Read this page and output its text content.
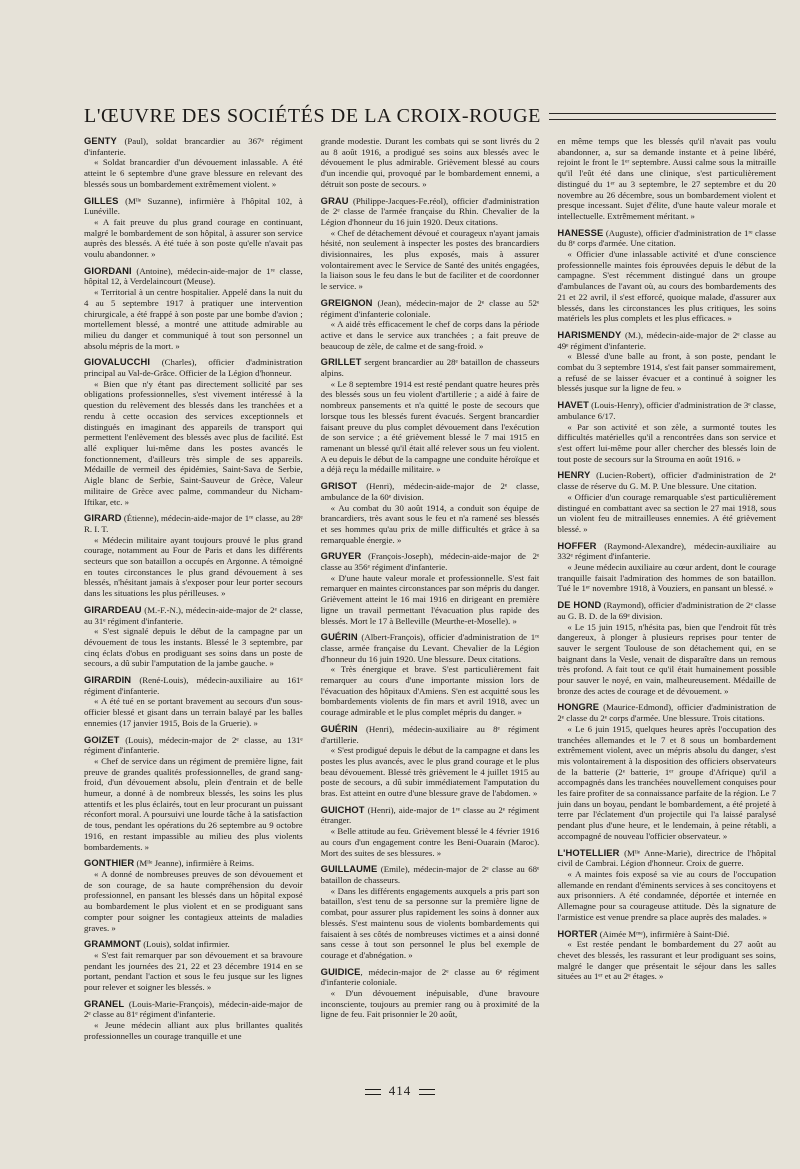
L'ŒUVRE DES SOCIÉTÉS DE LA CROIX-ROUGE

GENTY (Paul), soldat brancardier au 367ᵉ régiment d'infanterie.

« Soldat brancardier d'un dévouement inlassable. A été atteint le 6 septembre d'une grave blessure en relevant des blessés sous un bombardement extrêmement violent. »

GILLES (Mˡˡᵉ Suzanne), infirmière à l'hôpital 102, à Lunéville.

« A fait preuve du plus grand courage en continuant, malgré le bombardement de son hôpital, à assurer son service auprès des blessés. A été tuée à son poste qu'elle n'avait pas voulu abandonner. »

GIORDANI (Antoine), médecin-aide-major de 1ʳᵉ classe, hôpital 12, à Verdelaincourt (Meuse).

« Territorial à un centre hospitalier. Appelé dans la nuit du 4 au 5 septembre 1917 à pratiquer une intervention chirurgicale, a été frappé à son poste par une bombe d'avion ; mortellement blessé, a montré une attitude admirable au milieu du danger et communiqué à tout son personnel un absolu mépris de la mort. »

GIOVALUCCHI (Charles), officier d'administration principal au Val-de-Grâce. Officier de la Légion d'honneur.

« Bien que n'y étant pas directement sollicité par ses obligations professionnelles, s'est vivement intéressé à la question du relèvement des blessés dans les tranchées et a rendu à cette occasion des services exceptionnels et distingués en imaginant des appareils de transport qui permettent l'enlèvement des blessés avec plus de facilité. Est allé expliquer lui-même dans les postes avancés le fonctionnement, d'ailleurs très simple de ses appareils. Médaille de vermeil des épidémies, Saint-Sava de Serbie, Aigle blanc de Serbie, Saint-Sauveur de Grèce, Valeur militaire de Grèce avec palme, commandeur du Nicham-Iftikar, etc. »

GIRARD (Étienne), médecin-aide-major de 1ʳᵉ classe, au 28ᵉ R. I. T.

« Médecin militaire ayant toujours prouvé le plus grand courage, notamment au Four de Paris et dans les différents secteurs que son bataillon a occupés en Argonne. A témoigné en toutes circonstances le plus grand dévouement à ses blessés, n'hésitant jamais à s'exposer pour leur porter secours dans les situations les plus périlleuses. »

GIRARDEAU (M.-F.-N.), médecin-aide-major de 2ᵉ classe, au 31ᵉ régiment d'infanterie.

« S'est signalé depuis le début de la campagne par un dévouement de tous les instants. Blessé le 3 septembre, par cinq éclats d'obus en prodiguant ses soins dans un poste de secours, a dû subir l'amputation de la jambe gauche. »

GIRARDIN (René-Louis), médecin-auxiliaire au 161ᵉ régiment d'infanterie.

« A été tué en se portant bravement au secours d'un sous-officier blessé et gisant dans un terrain balayé par les balles ennemies (17 janvier 1915, Bois de la Gruerie). »

GOIZET (Louis), médecin-major de 2ᵉ classe, au 131ᵉ régiment d'infanterie.

« Chef de service dans un régiment de première ligne, fait preuve de grandes qualités professionnelles, de grand sang-froid, d'un dévouement absolu, plein d'entrain et de belle humeur, a donné à de nombreux blessés, les soins les plus attentifs et les plus éclairés, tout en leur procurant un puissant réconfort moral. A poursuivi une lourde tâche à la satisfaction de tous, pendant les opérations du 26 septembre au 9 octobre 1916, en restant impassible au milieu des plus violents bombardements. »

GONTHIER (Mˡˡᵉ Jeanne), infirmière à Reims.

« A donné de nombreuses preuves de son dévouement et de son courage, de sa haute compréhension du devoir professionnel, en pansant les blessés dans un hôpital exposé au bombardement le plus violent et en se prodiguant sans compter pour soigner les contagieux atteints de maladies graves. »

GRAMMONT (Louis), soldat infirmier.

« S'est fait remarquer par son dévouement et sa bravoure pendant les journées des 21, 22 et 23 décembre 1914 en se portant, pendant l'action et sous le feu jusque sur les lignes pour relever et soigner les blessés. »

GRANEL (Louis-Marie-François), médecin-aide-major de 2ᵉ classe au 81ᵉ régiment d'infanterie.

« Jeune médecin alliant aux plus brillantes qualités professionnelles un courage tranquille et une

grande modestie. Durant les combats qui se sont livrés du 2 au 8 août 1916, a prodigué ses soins aux blessés avec le dévouement le plus admirable. Grièvement blessé au cours d'un incendie qui, provoqué par le bombardement ennemi, a détruit son poste de secours. »

GRAU (Philippe-Jacques-Fe.réol), officier d'administration de 2ᵉ classe de l'armée française du Rhin. Chevalier de la Légion d'honneur du 16 juin 1920. Deux citations.

« Chef de détachement dévoué et courageux n'ayant jamais hésité, non seulement à inspecter les postes des brancardiers divisionnaires, les plus exposés, mais à assurer volontairement avec le Service de Santé des unités engagées, la liaison sous le feu dans le but de faciliter et de coordonner le service. »

GREIGNON (Jean), médecin-major de 2ᵉ classe au 52ᵉ régiment d'infanterie coloniale.

« A aidé très efficacement le chef de corps dans la période active et dans le service aux tranchées ; a fait preuve de beaucoup de zèle, de calme et de sang-froid. »

GRILLET sergent brancardier au 28ᵉ bataillon de chasseurs alpins.

« Le 8 septembre 1914 est resté pendant quatre heures près des blessés sous un feu violent d'artillerie ; a aidé à faire de nombreux pansements et n'a quitté le poste de secours que lorsque tous les blessés furent évacués. Sergent brancardier faisant preuve du plus complet dévouement dans l'exécution de son service ; a été grièvement blessé le 7 mai 1915 en ramenant un blessé qu'il était allé relever sous un feu violent. A eu depuis le début de la campagne une conduite héroïque et a déjà reçu la médaille militaire. »

GRISOT (Henri), médecin-aide-major de 2ᵉ classe, ambulance de la 60ᵉ division.

« Au combat du 30 août 1914, a conduit son équipe de brancardiers, très avant sous le feu et n'a ramené ses blessés et ses hommes qu'au prix de mille difficultés et grâce à sa remarquable énergie. »

GRUYER (François-Joseph), médecin-aide-major de 2ᵉ classe au 356ᵉ régiment d'infanterie.

« D'une haute valeur morale et professionnelle. S'est fait remarquer en maintes circonstances par son mépris du danger. Grièvement atteint le 16 mai 1916 en dirigeant en première ligne un travail permettant l'évacuation plus rapide des blessés. Mort le 17 à Belleville (Meurthe-et-Moselle). »

GUÉRIN (Albert-François), officier d'administration de 1ʳᵉ classe, armée française du Levant. Chevalier de la Légion d'honneur du 16 juin 1920. Une blessure. Deux citations.

« Très énergique et brave. S'est particulièrement fait remarquer au cours d'une importante mission lors de l'évacuation des hôpitaux d'Amiens. S'en est acquitté sous les bombardements violents de fin mars et avril 1918, avec un courage admirable et le plus complet mépris du danger. »

GUÉRIN (Henri), médecin-auxiliaire au 8ᵉ régiment d'artillerie.

« S'est prodigué depuis le début de la campagne et dans les postes les plus avancés, avec le plus grand courage et le plus beau dévouement. Blessé très grièvement le 4 juillet 1915 au poste de secours, a dû subir immédiatement l'amputation du bras. Est atteint en outre d'une blessure grave de l'abdomen. »

GUICHOT (Henri), aide-major de 1ʳᵉ classe au 2ᵉ régiment étranger.

« Belle attitude au feu. Grièvement blessé le 4 février 1916 au cours d'un engagement contre les Beni-Ouarain (Maroc). Mort des suites de ses blessures. »

GUILLAUME (Emile), médecin-major de 2ᵉ classe au 68ᵉ bataillon de chasseurs.

« Dans les différents engagements auxquels a pris part son bataillon, s'est tenu de sa personne sur la première ligne de combat, pour assurer plus rapidement les soins à donner aux blessés. S'est maintenu sous de violents bombardements qui faisaient à ses côtés de nombreuses victimes et a ainsi donné sans cesse à tout son personnel le plus bel exemple de courage et d'abnégation. »

GUIDICE, médecin-major de 2ᵉ classe au 6ᵉ régiment d'infanterie coloniale.

« D'un dévouement inépuisable, d'une bravoure inconsciente, toujours au premier rang ou à proximité de la ligne de feu. Fait prisonnier le 20 août,

en même temps que les blessés qu'il n'avait pas voulu abandonner, a, sur sa demande instante et à peine libéré, rejoint le front le 1ᵉʳ septembre. Aussi calme sous la mitraille qu'il l'eût été dans une clinique, s'est particulièrement distingué du 1ᵉʳ au 3 septembre, le 27 septembre et du 20 novembre au 26 décembre, sous un bombardement violent et presque incessant. Sujet d'élite, d'une haute valeur morale et intellectuelle. Extrêmement méritant. »

HANESSE (Auguste), officier d'administration de 1ʳᵉ classe du 8ᵉ corps d'armée. Une citation.

« Officier d'une inlassable activité et d'une conscience professionnelle maintes fois éprouvées depuis le début de la campagne. S'est récemment distingué dans un groupe d'ambulances de l'avant où, au cours des bombardements des 21 et 22 avril, il s'est efforcé, quoique malade, d'assurer aux blessés, dans les circonstances les plus critiques, les soins matériels les plus complets et les plus efficaces. »

HARISMENDY (M.), médecin-aide-major de 2ᵉ classe au 49ᵉ régiment d'infanterie.

« Blessé d'une balle au front, à son poste, pendant le combat du 3 septembre 1914, s'est fait panser sommairement, a refusé de se laisser évacuer et a continué à soigner les blessés jusque sur la ligne de feu. »

HAVET (Louis-Henry), officier d'administration de 3ᵉ classe, ambulance 6/17.

« Par son activité et son zèle, a surmonté toutes les difficultés matérielles qu'il a rencontrées dans son service et s'est offert lui-même pour aller chercher des blessés loin de tout poste de secours sur la Strouma en août 1916. »

HENRY (Lucien-Robert), officier d'administration de 2ᵉ classe de réserve du G. M. P. Une blessure. Une citation.

« Officier d'un courage remarquable s'est particulièrement distingué en combattant avec sa section le 27 mai 1918, sous un violent feu de mitrailleuses ennemies. A été grièvement blessé. »

HOFFER (Raymond-Alexandre), médecin-auxiliaire au 332ᵉ régiment d'infanterie.

« Jeune médecin auxiliaire au cœur ardent, dont le courage tranquille faisait l'admiration des hommes de son bataillon. Tué le 1ᵉʳ novembre 1918, à Vouziers, en pansant un blessé. »

DE HOND (Raymond), officier d'administration de 2ᵉ classe au G. B. D. de la 69ᵉ division.

« Le 15 juin 1915, n'hésita pas, bien que l'endroit fût très dangereux, à plonger à plusieurs reprises pour tenter de sauver le sergent Toulouse de son détachement qui, en se baignant dans la Vesle, venait de disparaître dans un remous très profond. A fait tout ce qu'il était humainement possible pour sauver le noyé, en vain, malheureusement. Médaille de bronze des actes de courage et de dévouement. »

HONGRE (Maurice-Edmond), officier d'administration de 2ᵉ classe du 2ᵉ corps d'armée. Une blessure. Trois citations.

« Le 6 juin 1915, quelques heures après l'occupation des tranchées allemandes et le 7 et 8 sous un bombardement extrêmement violent, avec un mépris absolu du danger, s'est mis volontairement à la disposition des officiers observateurs de la batterie (2ᵉ batterie, 1ᵉʳ groupe d'Afrique) qu'il a accompagnés dans les tranchées nouvellement conquises pour les faire profiter de sa connaissance parfaite de la région. Le 7 juin dans un boyau, pendant le bombardement, a été projeté à terre par l'éclatement d'un projectile qui l'a laissé paralysé pendant plus d'une heure, et le lendemain, à peine rétabli, a accompagné de nouveau l'officier observateur. »

L'HOTELLIER (Mˡˡᵉ Anne-Marie), directrice de l'hôpital civil de Cambrai. Légion d'honneur. Croix de guerre.

« A maintes fois exposé sa vie au cours de l'occupation allemande en rendant d'éminents services à ses concitoyens et aux prisonniers. A été condamnée, déportée et internée en Allemagne pour sa courageuse attitude. Dès la signature de l'armistice est venue prendre sa place auprès des malades. »

HORTER (Aimée Mᵐᵉ), infirmière à Saint-Dié.

« Est restée pendant le bombardement du 27 août au chevet des blessés, les rassurant et leur prodiguant ses soins, malgré le danger que présentait le séjour dans les salles situées au 1ᵉʳ et au 2ᵉ étages. »

414
